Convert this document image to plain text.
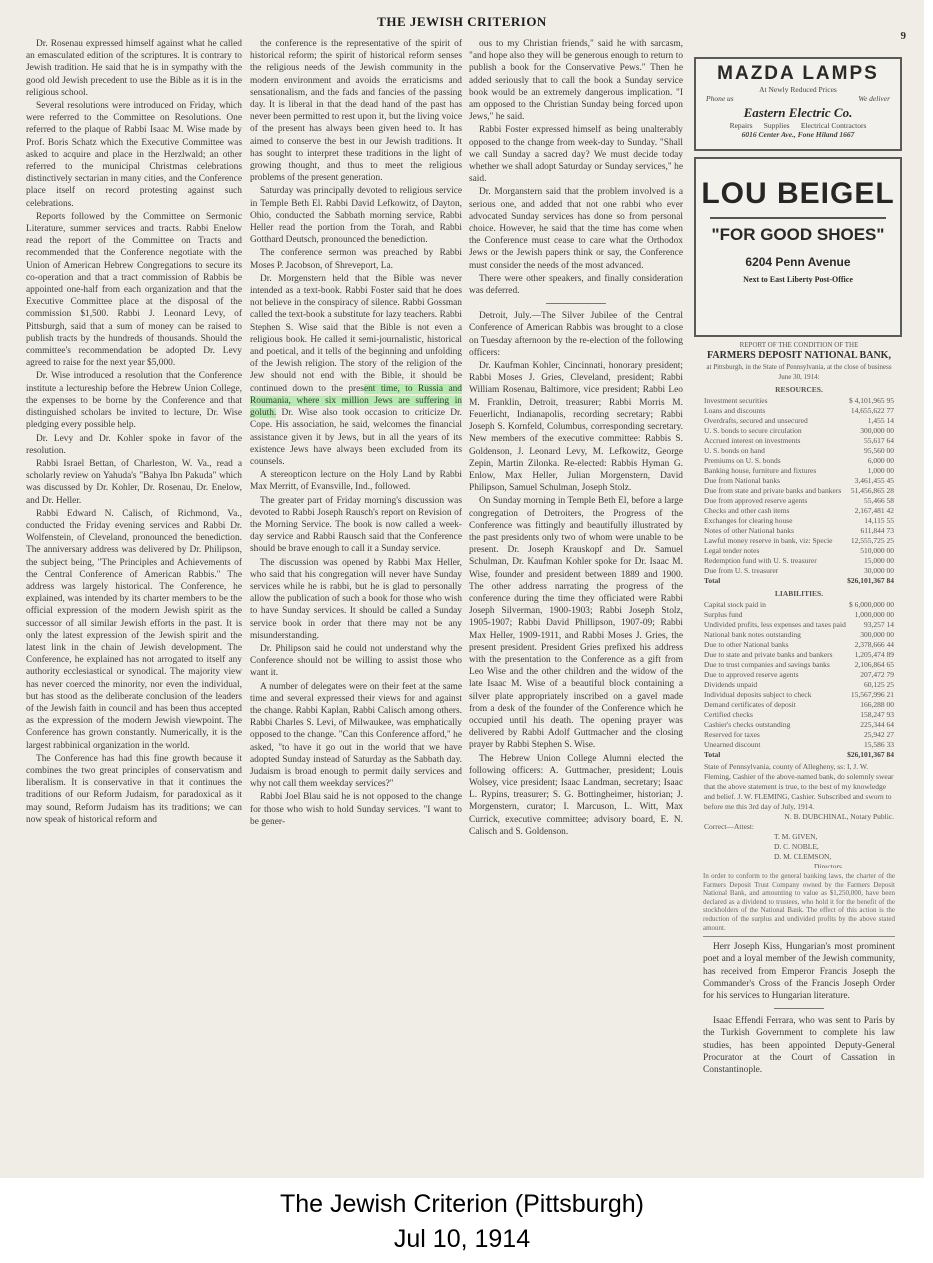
THE JEWISH CRITERION
9

Dr. Rosenau expressed himself against what he called an emasculated edition of the scriptures. It is contrary to Jewish tradition. He said that he is in sympathy with the good old Jewish precedent to use the Bible as it is in the religious school.

Several resolutions were introduced on Friday, which were referred to the Committee on Resolutions. One referred to the plaque of Rabbi Isaac M. Wise made by Prof. Boris Schatz which the Executive Committee was asked to acquire and place in the Herzlwald; an other referred to the municipal Christmas celebrations distinctively sectarian in many cities, and the Conference place itself on record protesting against such celebrations.

Reports followed by the Committee on Sermonic Literature, summer services and tracts. Rabbi Enelow read the report of the Committee on Tracts and recommended that the Conference negotiate with the Union of American Hebrew Congregations to secure its co-operation and that a tract commission of Rabbis be appointed one-half from each organization and that the Executive Committee place at the disposal of the commission $1,500. Rabbi J. Leonard Levy, of Pittsburgh, said that a sum of money can be raised to publish tracts by the hundreds of thousands. Should the committee's recommendation be adopted Dr. Levy agreed to raise for the next year $5,000.

Dr. Wise introduced a resolution that the Conference institute a lectureship before the Hebrew Union College, the expenses to be borne by the Conference and that distinguished scholars be invited to lecture, Dr. Wise pledging every possible help.

Dr. Levy and Dr. Kohler spoke in favor of the resolution.

Rabbi Israel Bettan, of Charleston, W. Va., read a scholarly review on Yahuda's "Bahya Ibn Pakuda" which was discussed by Dr. Kohler, Dr. Rosenau, Dr. Enelow, and Dr. Heller.

Rabbi Edward N. Calisch, of Richmond, Va., conducted the Friday evening services and Rabbi Dr. Wolfenstein, of Cleveland, pronounced the benediction. The anniversary address was delivered by Dr. Philipson, the subject being, "The Principles and Achievements of the Central Conference of American Rabbis." The address was largely historical. The Conference, he explained, was intended by its charter members to be the official expression of the modern Jewish spirit as the successor of all similar Jewish efforts in the past. It is only the latest expression of the Jewish spirit and the latest link in the chain of Jewish development. The Conference, he explained has not arrogated to itself any authority ecclesiastical or synodical. The majority view has never coerced the minority, nor even the individual, but has stood as the deliberate conclusion of the leaders of the Jewish faith in council and has been thus accepted as the expression of the modern Jewish viewpoint. The Conference has grown constantly. Numerically, it is the largest rabbinical organization in the world.

The Conference has had this fine growth because it combines the two great principles of conservatism and liberalism. It is conservative in that it continues the traditions of our Reform Judaism, for paradoxical as it may sound, Reform Judaism has its traditions; we can now speak of historical reform and

the conference is the representative of the spirit of historical reform; the spirit of historical reform senses the religious needs of the Jewish community in the modern environment and avoids the erraticisms and sensationalism, and the fads and fancies of the passing day. It is liberal in that the dead hand of the past has never been permitted to rest upon it, but the living voice of the present has always been given heed to. It has aimed to conserve the best in our Jewish traditions. It has sought to interpret these traditions in the light of growing thought, and thus to meet the religious problems of the present generation.

Saturday was principally devoted to religious service in Temple Beth El. Rabbi David Lefkowitz, of Dayton, Ohio, conducted the Sabbath morning service, Rabbi Heller read the portion from the Torah, and Rabbi Gotthard Deutsch, pronounced the benediction.

The conference sermon was preached by Rabbi Moses P. Jacobson, of Shreveport, La.

Dr. Morgenstern held that the Bible was never intended as a text-book. Rabbi Foster said that he does not believe in the conspiracy of silence. Rabbi Gossman called the text-book a substitute for lazy teachers. Rabbi Stephen S. Wise said that the Bible is not even a religious book. He called it semi-journalistic, historical and poetical, and it tells of the beginning and unfolding of the Jewish religion. The story of the religion of the Jew should not end with the Bible, it should be continued down to the present time, to Russia and Roumania, where six million Jews are suffering in goluth. Dr. Wise also took occasion to criticize Dr. Cope. His association, he said, welcomes the financial assistance given it by Jews, but in all the years of its existence Jews have always been excluded from its counsels.

A stereopticon lecture on the Holy Land by Rabbi Max Merritt, of Evansville, Ind., followed.

The greater part of Friday morning's discussion was devoted to Rabbi Joseph Rausch's report on Revision of the Morning Service. The book is now called a week-day service and Rabbi Rausch said that the Conference should be brave enough to call it a Sunday service.

The discussion was opened by Rabbi Max Heller, who said that his congregation will never have Sunday services while he is rabbi, but he is glad to personally allow the publication of such a book for those who wish to have Sunday services. It should be called a Sunday service book in order that there may not be any misunderstanding.

Dr. Philipson said he could not understand why the Conference should not be willing to assist those who want it.

A number of delegates were on their feet at the same time and several expressed their views for and against the change. Rabbi Kaplan, Rabbi Calisch among others. Rabbi Charles S. Levi, of Milwaukee, was emphatically opposed to the change. "Can this Conference afford," he asked, "to have it go out in the world that we have adopted Sunday instead of Saturday as the Sabbath day. Judaism is broad enough to permit daily services and why not call them weekday services?"

Rabbi Joel Blau said he is not opposed to the change for those who wish to hold Sunday services. "I want to be gener-

ous to my Christian friends," said he with sarcasm, "and hope also they will be generous enough to return to publish a book for the Conservative Pews." Then he added seriously that to call the book a Sunday service book would be an extremely dangerous implication. "I am opposed to the Christian Sunday being forced upon Jews," he said.

Rabbi Foster expressed himself as being unalterably opposed to the change from week-day to Sunday. "Shall we call Sunday a sacred day? We must decide today whether we shall adopt Saturday or Sunday services," he said.

Dr. Morganstern said that the problem involved is a serious one, and added that not one rabbi who ever advocated Sunday services has done so from personal choice. However, he said that the time has come when the Conference must cease to care what the Orthodox Jews or the Jewish papers think or say, the Conference must consider the needs of the most advanced.

There were other speakers, and finally consideration was deferred.

Detroit, July.—The Silver Jubilee of the Central Conference of American Rabbis was brought to a close on Tuesday afternoon by the re-election of the following officers:

Dr. Kaufman Kohler, Cincinnati, honorary president; Rabbi Moses J. Gries, Cleveland, president; Rabbi William Rosenau, Baltimore, vice president; Rabbi Leo M. Franklin, Detroit, treasurer; Rabbi Morris M. Feuerlicht, Indianapolis, recording secretary; Rabbi Joseph S. Kornfeld, Columbus, corresponding secretary. New members of the executive committee: Rabbis S. Goldenson, J. Leonard Levy, M. Lefkowitz, George Zepin, Martin Zilonka. Re-elected: Rabbis Hyman G. Enlow, Max Heller, Julian Morgenstern, David Philipson, Samuel Schulman, Joseph Stolz.

On Sunday morning in Temple Beth El, before a large congregation of Detroiters, the Progress of the Conference was fittingly and beautifully illustrated by the past presidents only two of whom were unable to be present. Dr. Joseph Krauskopf and Dr. Samuel Schulman, Dr. Kaufman Kohler spoke for Dr. Isaac M. Wise, founder and president between 1889 and 1900. The other address narrating the progress of the conference during the time they officiated were Rabbi Joseph Silverman, 1900-1903; Rabbi Joseph Stolz, 1905-1907; Rabbi David Phillipson, 1907-09; Rabbi Max Heller, 1909-1911, and Rabbi Moses J. Gries, the present president. President Gries prefixed his address with the presentation to the Conference as a gift from Leo Wise and the other children and the widow of the late Isaac M. Wise of a beautiful block containing a silver plate appropriately inscribed on a gavel made from a desk of the founder of the Conference which he occupied until his death. The opening prayer was delivered by Rabbi Adolf Guttmacher and the closing prayer by Rabbi Stephen S. Wise.

The Hebrew Union College Alumni elected the following officers: A. Guttmacher, president; Louis Wolsey, vice president; Isaac Landman, secretary; Isaac L. Rypins, treasurer; S. G. Bottingheimer, historian; J. Morgenstern, curator; I. Marcuson, L. Witt, Max Currick, executive committee; advisory board, E. N. Calisch and S. Goldenson.

MAZDA LAMPS
At Newly Reduced Prices
Phone us	We deliver
Eastern Electric Co.
Repairs      Supplies      Electrical Contractors
6016 Center Ave., Fone Hiland 1667
LOU BEIGEL
"FOR GOOD SHOES"
6204 Penn Avenue
Next to East Liberty Post-Office
REPORT OF THE CONDITION OF THE
FARMERS DEPOSIT NATIONAL BANK,
at Pittsburgh, in the State of Pennsylvania, at the close of business June 30, 1914:
RESOURCES.
Investment securities	$ 4,101,965 95
Loans and discounts	14,655,622 77
Overdrafts, secured and unsecured	1,455 14
U. S. bonds to secure circulation	300,000 00
Accrued interest on investments	55,617 64
U. S. bonds on hand	95,560 00
Premiums on U. S. bonds	6,000 00
Banking house, furniture and fixtures	1,000 00
Due from National banks	3,461,455 45
Due from state and private banks and bankers 51,456,865 28
Due from approved reserve agents	55,466 58
Checks and other cash items	2,167,481 42
Exchanges for clearing house	14,115 55
Notes of other National banks	611,844 73
Lawful money reserve in bank, viz: Specie 12,555,725 25
Legal tender notes	510,000 00
Redemption fund with U. S. treasurer	15,000 00
Due from U. S. treasurer	30,000 00
Total	$26,101,367 84
LIABILITIES.
Capital stock paid in	$ 6,000,000 00
Surplus fund	1,000,000 00
Undivided profits, less expenses and taxes paid 93,257 14
National bank notes outstanding	300,000 00
Due to other National banks	2,378,666 44
Due to state and private banks and bankers	1,205,474 89
Due to trust companies and savings banks	2,106,864 65
Due to approved reserve agents	207,472 79
Dividends unpaid	60,125 25
Individual deposits subject to check	15,567,996 21
Demand certificates of deposit	166,288 00
Certified checks	158,247 93
Cashier's checks outstanding	225,344 64
Reserved for taxes	25,942 27
Unearned discount	15,586 33
Total	$26,101,367 84
State of Pennsylvania, county of Allegheny, ss: I, J. W. Fleming, Cashier of the above-named bank, do solemnly swear that the above statement is true, to the best of my knowledge and belief. J. W. FLEMING, Cashier. Subscribed and sworn to before me this 3rd day of July, 1914.
N. B. DUBCHINAL, Notary Public.
Correct—Attest:
T. M. GIVEN,
D. C. NOBLE,
D. M. CLEMSON,
Directors.
In order to conform to the general banking laws, the charter of the Farmers Deposit Trust Company owned by the Farmers Deposit National Bank, and amounting to value as $1,250,000, have been declared as a dividend to trustees, who hold it for the benefit of the stockholders of the National Bank. The effect of this action is the reduction of the surplus and undivided profits by the above stated amount.

Herr Joseph Kiss, Hungarian's most prominent poet and a loyal member of the Jewish community, has received from Emperor Francis Joseph the Commander's Cross of the Francis Joseph Order for his services to Hungarian literature.

Isaac Effendi Ferrara, who was sent to Paris by the Turkish Government to complete his law studies, has been appointed Deputy-General Procurator at the Court of Cassation in Constantinople.

The Jewish Criterion (Pittsburgh)
Jul 10, 1914
